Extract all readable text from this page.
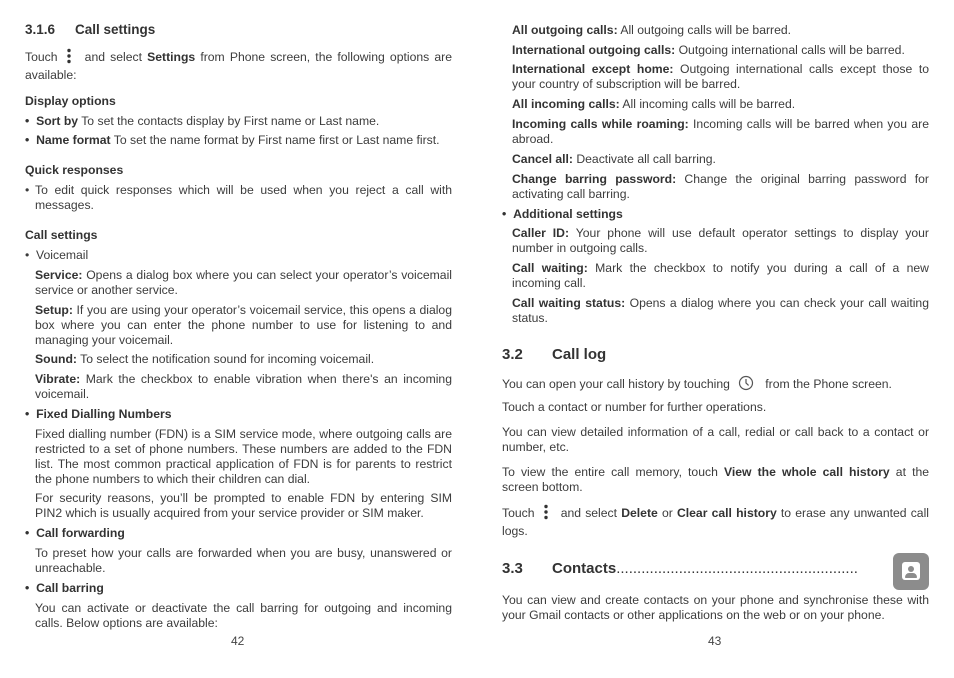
3.1.6 Call settings

Touch and select Settings from Phone screen, the following options are available:

Display options

• Sort by To set the contacts display by First name or Last name.

• Name format To set the name format by First name first or Last name first.

Quick responses
• To edit quick responses which will be used when you reject a call with messages.
Call settings

•  Voicemail

Service: Opens a dialog box where you can select your operator’s voicemail service or another service.

Setup: If you are using your operator’s voicemail service, this opens a dialog box where you can enter the phone number to use for listening to and managing your voicemail.

Sound: To select the notification sound for incoming voicemail.

Vibrate: Mark the checkbox to enable vibration when there's an incoming voicemail.

• Fixed Dialling Numbers

Fixed dialling number (FDN) is a SIM service mode, where outgoing calls are restricted to a set of phone numbers. These numbers are added to the FDN list. The most common practical application of FDN is for parents to restrict the phone numbers to which their children can dial.

For security reasons, you’ll be prompted to enable FDN by entering SIM PIN2 which is usually acquired from your service provider or SIM maker.

• Call forwarding

To preset how your calls are forwarded when you are busy, unanswered or unreachable.

• Call barring

You can activate or deactivate the call barring for outgoing and incoming calls. Below options are available:

42

All outgoing calls: All outgoing calls will be barred.

International outgoing calls: Outgoing international calls will be barred.

International except home: Outgoing international calls except those to your country of subscription will be barred.

All incoming calls: All incoming calls will be barred.

Incoming calls while roaming: Incoming calls will be barred when you are abroad.

Cancel all: Deactivate all call barring.

Change barring password: Change the original barring password for activating call barring.

• Additional settings

Caller ID: Your phone will use default operator settings to display your number in outgoing calls.

Call waiting: Mark the checkbox to notify you during a call of a new incoming call.

Call waiting status: Opens a dialog where you can check your call waiting status.

3.2 Call log

You can open your call history by touching	from the Phone screen.

Touch a contact or number for further operations.

You can view detailed information of a call, redial or call back to a contact or number, etc.

To view the entire call memory, touch View the whole call history at the screen bottom.

Touch and select Delete or Clear call history to erase any unwanted call logs.

3.3 Contacts..........................................................

You can view and create contacts on your phone and synchronise these with your Gmail contacts or other applications on the web or on your phone.

43
